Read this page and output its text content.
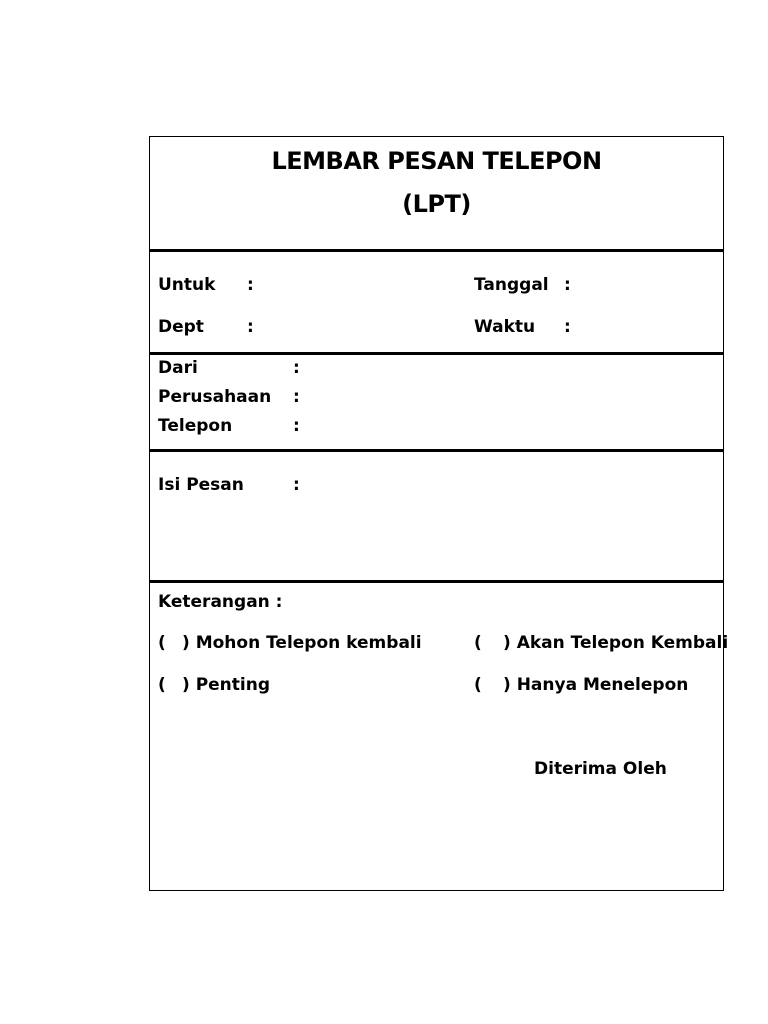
LEMBAR PESAN TELEPON
(LPT)
Untuk :	Tanggal :
Dept	:	Waktu :
Dari	:
Perusahaan :
Telepon	:
Isi Pesan	:
Keterangan :
( ) Mohon Telepon kembali	( ) Akan Telepon Kembali
( ) Penting	( ) Hanya Menelepon
Diterima Oleh
